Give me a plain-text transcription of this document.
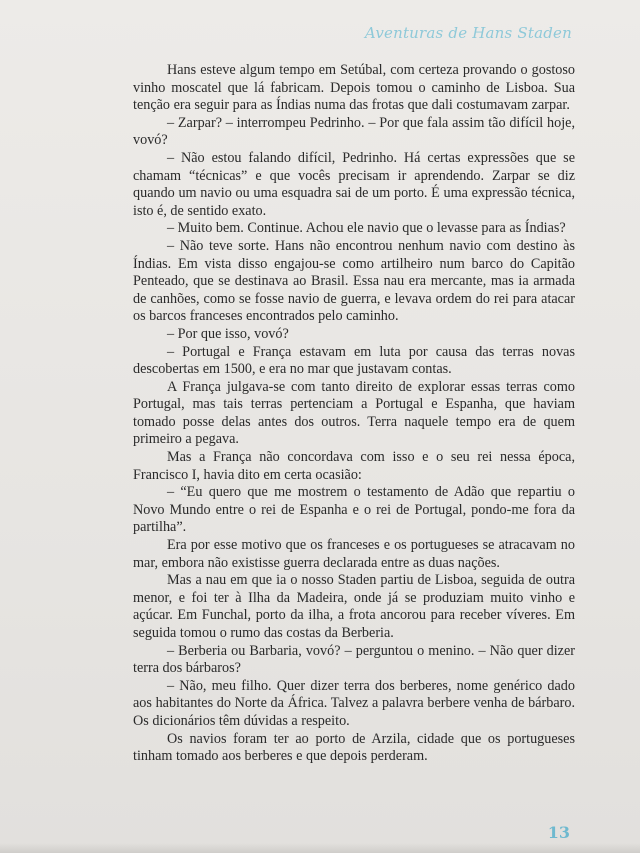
Aventuras de Hans Staden

Hans esteve algum tempo em Setúbal, com certeza provando o gostoso vinho moscatel que lá fabricam. Depois tomou o caminho de Lisboa. Sua tenção era seguir para as Índias numa das frotas que dali costumavam zarpar.

– Zarpar? – interrompeu Pedrinho. – Por que fala assim tão difícil hoje, vovó?

– Não estou falando difícil, Pedrinho. Há certas expressões que se chamam “técnicas” e que vocês precisam ir aprendendo. Zarpar se diz quando um navio ou uma esquadra sai de um porto. É uma expressão técnica, isto é, de sentido exato.

– Muito bem. Continue. Achou ele navio que o levasse para as Índias?

– Não teve sorte. Hans não encontrou nenhum navio com destino às Índias. Em vista disso engajou-se como artilheiro num barco do Capitão Penteado, que se destinava ao Brasil. Essa nau era mercante, mas ia armada de canhões, como se fosse navio de guerra, e levava ordem do rei para atacar os barcos franceses encontrados pelo caminho.

– Por que isso, vovó?

– Portugal e França estavam em luta por causa das terras novas descobertas em 1500, e era no mar que justavam contas.

A França julgava-se com tanto direito de explorar essas terras como Portugal, mas tais terras pertenciam a Portugal e Espanha, que haviam tomado posse delas antes dos outros. Terra naquele tempo era de quem primeiro a pegava.

Mas a França não concordava com isso e o seu rei nessa época, Francisco I, havia dito em certa ocasião:

– “Eu quero que me mostrem o testamento de Adão que repartiu o Novo Mundo entre o rei de Espanha e o rei de Portugal, pondo-me fora da partilha”.

Era por esse motivo que os franceses e os portugueses se atracavam no mar, embora não existisse guerra declarada entre as duas nações.

Mas a nau em que ia o nosso Staden partiu de Lisboa, seguida de outra menor, e foi ter à Ilha da Madeira, onde já se produziam muito vinho e açúcar. Em Funchal, porto da ilha, a frota ancorou para receber víveres. Em seguida tomou o rumo das costas da Berberia.

– Berberia ou Barbaria, vovó? – perguntou o menino. – Não quer dizer terra dos bárbaros?

– Não, meu filho. Quer dizer terra dos berberes, nome genérico dado aos habitantes do Norte da África. Talvez a palavra berbere venha de bárbaro. Os dicionários têm dúvidas a respeito.

Os navios foram ter ao porto de Arzila, cidade que os portugueses tinham tomado aos berberes e que depois perderam.

13
